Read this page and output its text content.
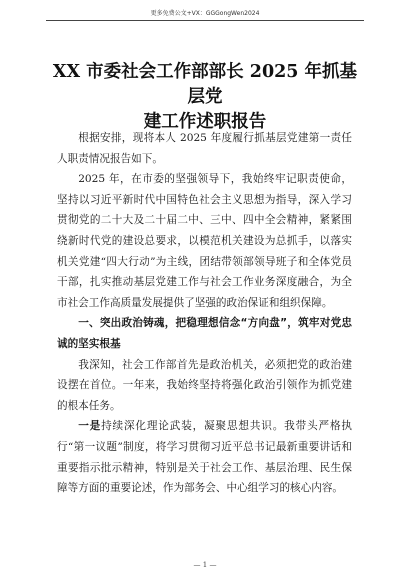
更多免费公文+VX：GGGongWen2024
XX 市委社会工作部部长 2025 年抓基层党
建工作述职报告

根据安排，现将本人 2025 年度履行抓基层党建第一责任人职责情况报告如下。

2025 年，在市委的坚强领导下，我始终牢记职责使命，坚持以习近平新时代中国特色社会主义思想为指导，深入学习贯彻党的二十大及二十届二中、三中、四中全会精神，紧紧围绕新时代党的建设总要求，以模范机关建设为总抓手，以落实机关党建“四大行动”为主线，团结带领部领导班子和全体党员干部，扎实推动基层党建工作与社会工作业务深度融合，为全市社会工作高质量发展提供了坚强的政治保证和组织保障。

一、突出政治铸魂，把稳理想信念“方向盘”，筑牢对党忠诚的坚实根基

我深知，社会工作部首先是政治机关，必须把党的政治建设摆在首位。一年来，我始终坚持将强化政治引领作为抓党建的根本任务。

一是持续深化理论武装，凝聚思想共识。我带头严格执行“第一议题”制度，将学习贯彻习近平总书记最新重要讲话和重要指示批示精神，特别是关于社会工作、基层治理、民生保障等方面的重要论述，作为部务会、中心组学习的核心内容。

— 1 —
